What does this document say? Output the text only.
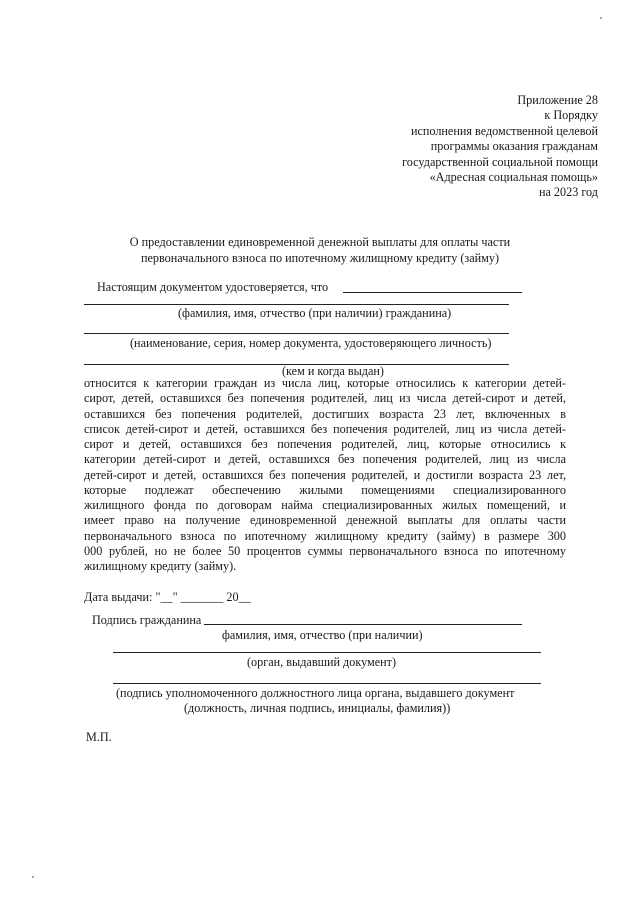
Приложение 28
к Порядку
исполнения ведомственной целевой
программы оказания гражданам
государственной социальной помощи
«Адресная социальная помощь»
на 2023 год
О предоставлении единовременной денежной выплаты для оплаты части
первоначального взноса по ипотечному жилищному кредиту (займу)
Настоящим документом удостоверяется, что
(фамилия, имя, отчество (при наличии) гражданина)
(наименование, серия, номер документа, удостоверяющего личность)
(кем и когда выдан)
относится к категории граждан из числа лиц, которые относились к категории детей-
сирот, детей, оставшихся без попечения родителей, лиц из числа детей-сирот и детей,
оставшихся без попечения родителей, достигших возраста 23 лет, включенных в
список детей-сирот и детей, оставшихся без попечения родителей, лиц из числа детей-
сирот и детей, оставшихся без попечения родителей, лиц, которые относились к
категории детей-сирот и детей, оставшихся без попечения родителей, лиц из числа
детей-сирот и детей, оставшихся без попечения родителей, и достигли возраста 23 лет,
которые подлежат обеспечению жилыми помещениями специализированного
жилищного фонда по договорам найма специализированных жилых помещений, и
имеет право на получение единовременной денежной выплаты для оплаты части
первоначального взноса по ипотечному жилищному кредиту (займу) в размере 300
000 рублей, но не более 50 процентов суммы первоначального взноса по ипотечному
жилищному кредиту (займу).
Дата выдачи: "__" _______ 20__
Подпись гражданина
фамилия, имя, отчество (при наличии)
(орган, выдавший документ)
(подпись уполномоченного должностного лица органа, выдавшего документ
(должность, личная подпись, инициалы, фамилия))
М.П.
